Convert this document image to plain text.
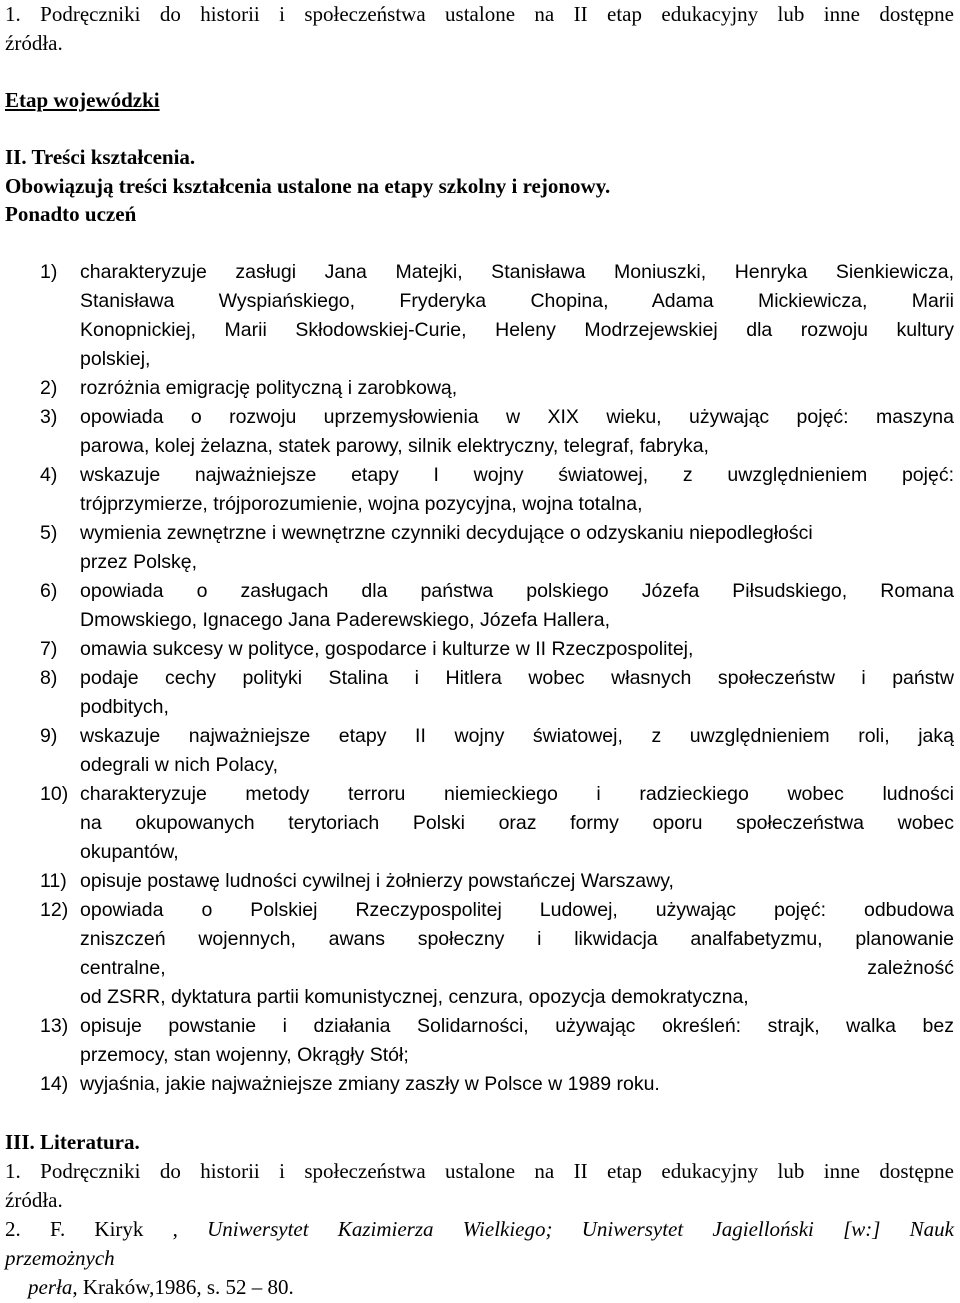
1. Podręczniki do historii i społeczeństwa ustalone na II etap edukacyjny lub inne dostępne
źródła.
Etap wojewódzki
II. Treści kształcenia.
Obowiązują treści kształcenia ustalone na etapy szkolny i rejonowy.
Ponadto uczeń
1) charakteryzuje zasługi Jana Matejki, Stanisława Moniuszki, Henryka Sienkiewicza,
Stanisława Wyspiańskiego, Fryderyka Chopina, Adama Mickiewicza, Marii
Konopnickiej, Marii Skłodowskiej-Curie, Heleny Modrzejewskiej dla rozwoju kultury
polskiej,
2) rozróżnia emigrację polityczną i zarobkową,
3) opowiada o rozwoju uprzemysłowienia w XIX wieku, używając pojęć: maszyna
parowa, kolej żelazna, statek parowy, silnik elektryczny, telegraf, fabryka,
4) wskazuje najważniejsze etapy I wojny światowej, z uwzględnieniem pojęć:
trójprzymierze, trójporozumienie, wojna pozycyjna, wojna totalna,
5) wymienia zewnętrzne i wewnętrzne czynniki decydujące o odzyskaniu niepodległości
przez Polskę,
6) opowiada o zasługach dla państwa polskiego Józefa Piłsudskiego, Romana
Dmowskiego, Ignacego Jana Paderewskiego, Józefa Hallera,
7) omawia sukcesy w polityce, gospodarce i kulturze w II Rzeczpospolitej,
8) podaje cechy polityki Stalina i Hitlera wobec własnych społeczeństw i państw
podbitych,
9) wskazuje najważniejsze etapy II wojny światowej, z uwzględnieniem roli, jaką
odegrali w nich Polacy,
10) charakteryzuje metody terroru niemieckiego i radzieckiego wobec ludności
na okupowanych terytoriach Polski oraz formy oporu społeczeństwa wobec
okupantów,
11) opisuje postawę ludności cywilnej i żołnierzy powstańczej Warszawy,
12) opowiada o Polskiej Rzeczypospolitej Ludowej, używając pojęć: odbudowa
zniszczeń wojennych, awans społeczny i likwidacja analfabetyzmu, planowanie
centralne, zależność
od ZSRR, dyktatura partii komunistycznej, cenzura, opozycja demokratyczna,
13) opisuje powstanie i działania Solidarności, używając określeń: strajk, walka bez
przemocy, stan wojenny, Okrągły Stół;
14) wyjaśnia, jakie najważniejsze zmiany zaszły w Polsce w 1989 roku.
III. Literatura.
1. Podręczniki do historii i społeczeństwa ustalone na II etap edukacyjny lub inne dostępne
źródła.
2. F. Kiryk , Uniwersytet Kazimierza Wielkiego; Uniwersytet Jagielloński [w:] Nauk
przemożnych
perła, Kraków,1986, s. 52 – 80.
